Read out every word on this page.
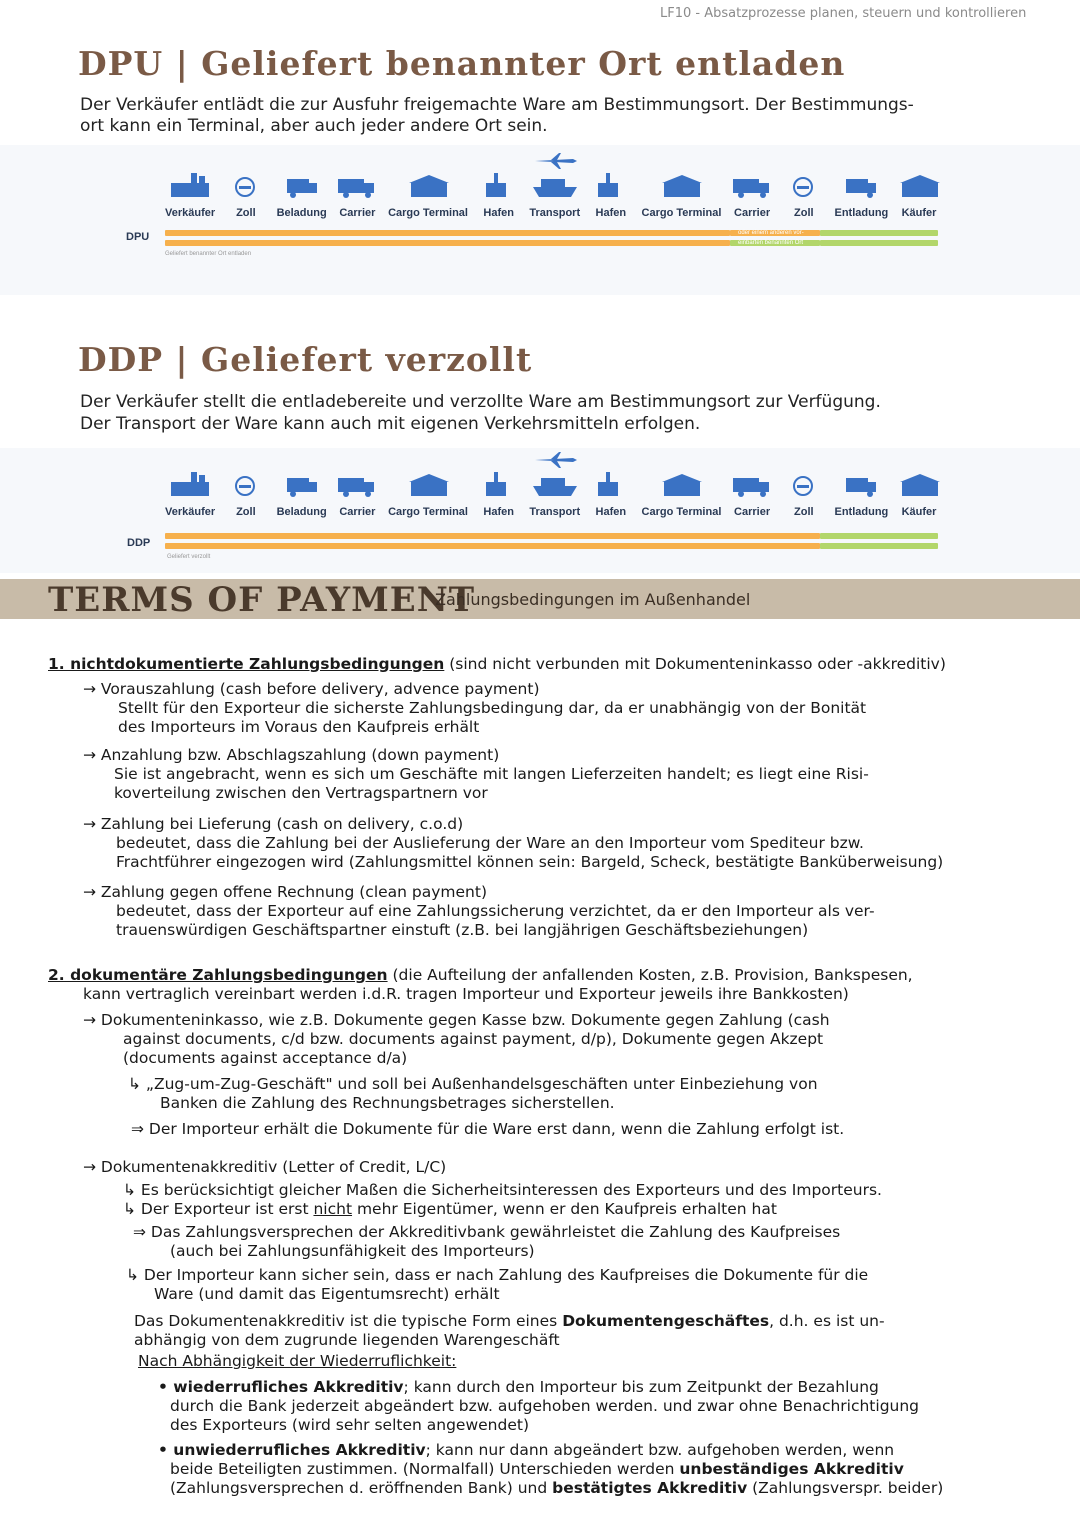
LF10 - Absatzprozesse planen, steuern und kontrollieren
DPU | Geliefert benannter Ort entladen
Der Verkäufer entlädt die zur Ausfuhr freigemachte Ware am Bestimmungsort. Der Bestimmungs-
ort kann ein Terminal, aber auch jeder andere Ort sein.
Verkäufer Zoll Beladung Carrier Cargo Terminal Hafen Transport Hafen Cargo Terminal Carrier Zoll Entladung Käufer
DPU	oder einem anderen vor-
einbarten benannten Ort
Geliefert benannter Ort entladen
DDP | Geliefert verzollt
Der Verkäufer stellt die entladebereite und verzollte Ware am Bestimmungsort zur Verfügung.
Der Transport der Ware kann auch mit eigenen Verkehrsmitteln erfolgen.
Verkäufer Zoll Beladung Carrier Cargo Terminal Hafen Transport Hafen Cargo Terminal Carrier Zoll Entladung Käufer
DDP
Geliefert verzollt
TERMS OF PAYMENT
Zahlungsbedingungen im Außenhandel
1. nichtdokumentierte Zahlungsbedingungen (sind nicht verbunden mit Dokumenteninkasso oder -akkreditiv)
→ Vorauszahlung (cash before delivery, advence payment)
Stellt für den Exporteur die sicherste Zahlungsbedingung dar, da er unabhängig von der Bonität
des Importeurs im Voraus den Kaufpreis erhält
→ Anzahlung bzw. Abschlagszahlung (down payment)
Sie ist angebracht, wenn es sich um Geschäfte mit langen Lieferzeiten handelt; es liegt eine Risi-
koverteilung zwischen den Vertragspartnern vor
→ Zahlung bei Lieferung (cash on delivery, c.o.d)
bedeutet, dass die Zahlung bei der Auslieferung der Ware an den Importeur vom Spediteur bzw.
Frachtführer eingezogen wird (Zahlungsmittel können sein: Bargeld, Scheck, bestätigte Banküberweisung)
→ Zahlung gegen offene Rechnung (clean payment)
bedeutet, dass der Exporteur auf eine Zahlungssicherung verzichtet, da er den Importeur als ver-
trauenswürdigen Geschäftspartner einstuft (z.B. bei langjährigen Geschäftsbeziehungen)
2. dokumentäre Zahlungsbedingungen (die Aufteilung der anfallenden Kosten, z.B. Provision, Bankspesen,
kann vertraglich vereinbart werden i.d.R. tragen Importeur und Exporteur jeweils ihre Bankkosten)
→ Dokumenteninkasso, wie z.B. Dokumente gegen Kasse bzw. Dokumente gegen Zahlung (cash
against documents, c/d bzw. documents against payment, d/p), Dokumente gegen Akzept
(documents against acceptance d/a)
↳ „Zug-um-Zug-Geschäft" und soll bei Außenhandelsgeschäften unter Einbeziehung von
Banken die Zahlung des Rechnungsbetrages sicherstellen.
⇒ Der Importeur erhält die Dokumente für die Ware erst dann, wenn die Zahlung erfolgt ist.
→ Dokumentenakkreditiv (Letter of Credit, L/C)
↳ Es berücksichtigt gleicher Maßen die Sicherheitsinteressen des Exporteurs und des Importeurs.
↳ Der Exporteur ist erst nicht mehr Eigentümer, wenn er den Kaufpreis erhalten hat
⇒ Das Zahlungsversprechen der Akkreditivbank gewährleistet die Zahlung des Kaufpreises
(auch bei Zahlungsunfähigkeit des Importeurs)
↳ Der Importeur kann sicher sein, dass er nach Zahlung des Kaufpreises die Dokumente für die
Ware (und damit das Eigentumsrecht) erhält
Das Dokumentenakkreditiv ist die typische Form eines Dokumentengeschäftes, d.h. es ist un-
abhängig von dem zugrunde liegenden Warengeschäft
Nach Abhängigkeit der Wiederruflichkeit:
• wiederrufliches Akkreditiv; kann durch den Importeur bis zum Zeitpunkt der Bezahlung
durch die Bank jederzeit abgeändert bzw. aufgehoben werden. und zwar ohne Benachrichtigung
des Exporteurs (wird sehr selten angewendet)
• unwiederrufliches Akkreditiv; kann nur dann abgeändert bzw. aufgehoben werden, wenn
beide Beteiligten zustimmen. (Normalfall) Unterschieden werden unbeständiges Akkreditiv
(Zahlungsversprechen d. eröffnenden Bank) und bestätigtes Akkreditiv (Zahlungsverspr. beider)
